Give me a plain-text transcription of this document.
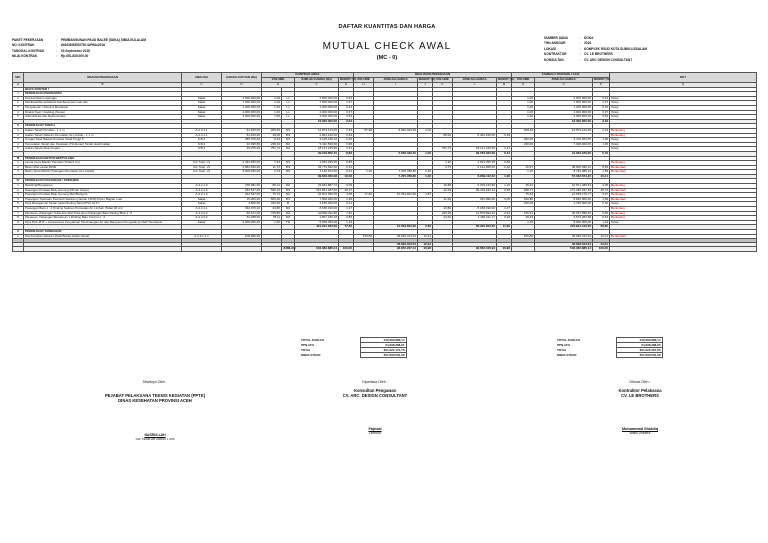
PAKET PEKERJAAN	:	PEMBANGUNAN PAUD BALEE (SDKA) SIBULEULALAM
NO. KONTRAK	:	843/DINKES/ITEL/APBA/2018
TANGGAL KONTRAK	:	03 September 2018
NILAI KONTRAK	:	Rp 651.830.000,00
DAFTAR KUANTITAS DAN HARGA
MUTUAL CHECK AWAL
(MC - 0)
SUMBER DANA	: DOKA
THN ANGGAR	: 2018
LOKASI	: KOMPLEK RSUD KOTA SUBULUSSALAM
KONTRAKTOR	: CV. LE BROTHERS
KONSULTAN	: CV. ARC DESIGN CONSULTANT
NO.	URAIAN PEKERJAAN	ANALISA	HARGA SATUAN (Rp)	KONTRAK AWAL				REALISASI PEKERJAAN						TAMBAH / KURANG / CCO			KET
				VOLUME		JUMLAH HARGA (Rp)	BOBOT (%)	VOLUME	JUMLAH HARGA	BOBOT (%)	VOLUME	JUMLAH HARGA	BOBOT (%)	VOLUME	JUMLAH HARGA	BOBOT (%)	
A	B	C	D	E		F	G	H	I	J	K	L	M	N	O	P	Q
	BIAYA DOKTER I																
I	PEKERJAAN PERSIAPAN																
1	Pembersihan Lapangan	Sakai	2.500.000,00	1,00	Ls	2.500.000,00	0,44							1,00	2.500.000,00	0,44	Tetap
2	Mobilisasi/Demobilisasi Alat Berat dan Lain-lain	Sakai	7.600.000,00	1,00	Ls	7.600.000,00	1,37							1,00	7.600.000,00	1,37	Tetap
3	Pengukuran / Patok & Bowplank	Sakai	1.200.000,00	1,00	Ls	1.200.000,00	0,22							1,00	1.200.000,00	0,22	Tetap
4	Direksi Keet / Gudang (Sewa)	Sakai	2.000.000,00	1,00	Ls	2.000.000,00	0,37							1,00	2.000.000,00	0,37	Tetap
5	Administrasi dan Dokumentasi	Sakai	3.000.000,00	1,00	Ls	3.000.000,00	0,54							1,00	3.000.000,00	0,54	Tetap
						16.300.000,00	2,94								16.300.000,00	2,94	
II	PEKERJAAN TANAH																
1	Galian Tanah Pondasi - 1 1 m	A.2.3.1.1	61.400,00	209,66	M3	12.873.124,00	2,33	87,98	5.556.429,45	1,00				209,66	12.873.124,00	2,33	Berkurang
2	Galian Tanah Saluran Pemuatan Air Limbah - 1 1 m	A.2.3.1.1	61.400,00	46,00	M3	2.821.120,00	0,49				85,00	5.461.150,00	0,49				Berkurang
3	Urugan Pasir Bawah Pondasi Tebal Tinggi 5	S.B.2	285.070,00	8,23	M3	3.125.015,10	0,46							250,00	9.720.653,55	1,48	Tetap
4	Pemadatan Tanah dan Perataan (Timbunan) Tanah Hasil Galian	S.B.2	32.695,80	238,10	M2	5.432.500,00	0,98							238,00	7.028.000,00	1,35	Tetap
5	Galian Tanah Sisa Urugan	S.B.2	33.075,45	751,74	M2	18.131.215,95	3,31				751,74	18.131.215,95	3,31				Tetap
						49.218.852,15	8,82		5.556.429,45	1,00		29.762.322,08	5,31		31.622.976,25	5,79	
III	PEKERJAAN BETON BERTULANG																
1	Lantai Kerja Bawah Pondasi (Tebal 5 cm)	Anl. Supl. Vs	2.464.950,00	1,92	M3	4.694.295,36	0,86				1,92	4.694.295,36	0,86				Berkurang
2	Beton Plat Lantai 30/40	Anl. Supl. Vs	2.863.526,00	11,72	M3	33.779.522,00	6,10				0,75	2.144.825,00	0,40	16,97	48.600.495,12	8,83	Bertambah
3	Beton Sloof 20x30 (Tulangan Pemuatan Air Limbah)	Anl. Supl. Vs	6.005.036,00	0,19	M3	1.140.973,00	0,21	1,20	7.205.788,80	1,30				1,20	8.732.385,34	1,59	Bertambah
						39.609.020,08	10,06		7.205.788,80	1,30		6.839.112,02	1,26		57.332.874,45	10,41	
IV	PEKERJAAN PASANGAN / FINISHING																
1	Bekisting/Bongkaran	A.3.2.1.9	378.081,00	89,12	M2	33.664.887,72	6,09				16,88	6.376.133,56	1,16	45,42	16.871.486,54	3,05	Berkurang
2	Pasangan Pondasi Batu Gunung (Mortar Kapur)	A.3.2.1.9	294.547,00	595,16	M3	267.831.187,60	48,37				42,39	39.410.190,12	6,58	938,77	272.036.937,48	49,79	Bertambah
3	Pasangan Pondasi Batu Gunung (Bor/Bangun)	A.3.2.1.9	294.547,00	76,74	M2	22.604.536,00	4,08	17,50	10.353.652,90	1,87				75,62	21.936.176,77	3,97	Berkurang
4	Pasangan Trasraam Pemisah Saluran (Ukuran 15/20) Pipa / Bagian Luar	Sakai	15.000,00	500,00	M1	7.500.000,00	1,36				31,66	254.990,00	0,05	549,80	8.820.000,00	1,59	Bertambah
5	Pipa Resapan Air Tanah pada Dinding Talud (PVC Ø 2")	Sakai	3.500,00	330,00	M	1.155.000,00	0,21							330,00	1.750.000,00	0,32	Tetap
6	Pasangan Batu 1 : 2 Dinding Saluran Pemuatan Air Limbah (Tebal 30 cm)	A.4.4.1.1	392.076,20	20,80	M3	8.158.190,00	1,47				20,80	8.158.190,00	1,47				Berkurang
7	Plesteran, Pasangan Tebal dua Sisi/ Pola atmo Pasangan Batu Paving Blok 1 : 6	A.4.4.2.4	56.671,00	725,80	M2	40.830.011,80	7,40				229,29	12.879.594,24	2,34	676,61	36.357.598,63	6,56	Berkurang
8	Plesteran, Pasangan Berukuran 1 Dinding Batu Kontrol 1 : 2	A.4.4.2.2	62.258,00	78,11	M2	4.807.330,18	0,86				24,60	1.452.011,17	0,28	48,34	3.573.284,98	0,64	Berkurang
9	Pipa PVC Ø 8" + Accessories Penyaluran Pembuangan Air dan Bangunan Pengolah Limbah Pembantu	Sakai	6.000.000,00	1,00	Ttk	6.000.000,00	1,19							1,00	6.000.000,00	1,19	Tetap
						434.244.662,99	77,63		10.353.652,90	2,80		66.230.843,35	11,90		276.844.410,35	68,85	
V	PEKERJAAN TAMBAHAN																
1	Pembersihan Saluran Pada Bekas Galian Tanah	A.2.3.1.1.1	108.996,00	-		-		579,80	46.699.313,54	12,01				579,80	46.699.313,54	12,01	Bertambah

									46.699.313,54	12,01					46.699.313,54	12,01	
					JUMLAH	546.382.886,14	100,00		93.652.237,14	16,96		93.652.316,94	16,96		546.382.886,14	100,00	
TOTAL JUMLAH	546.382.886,14		TOTAL JUMLAH	546.382.886,14
PPN 10%	54.638.288,61		PPN 10%	54.638.288,95
TOTAL	601.021.174,76		TOTAL	601.021.087,66
DIBULATKAN	651.830.000,00		DIBULATKAN	651.830.000,00
Disetujui Oleh :
PEJABAT PELAKSANA TEKNIS KEGIATAN (PPTK)
DINAS KESEHATAN PROVINSI ACEH
NASRULLAH
NIP. 19800105 200801 1 005
Diperiksa Oleh :
Konsultan Pengawas
CV. ARC. DESIGN CONSULTANT
Fajrizal
Direktur
Dibuat Oleh :
Kontraktor Pelaksana
CV. LE BROTHERS
Muhammad Shiddiq
Wakil Direktur
